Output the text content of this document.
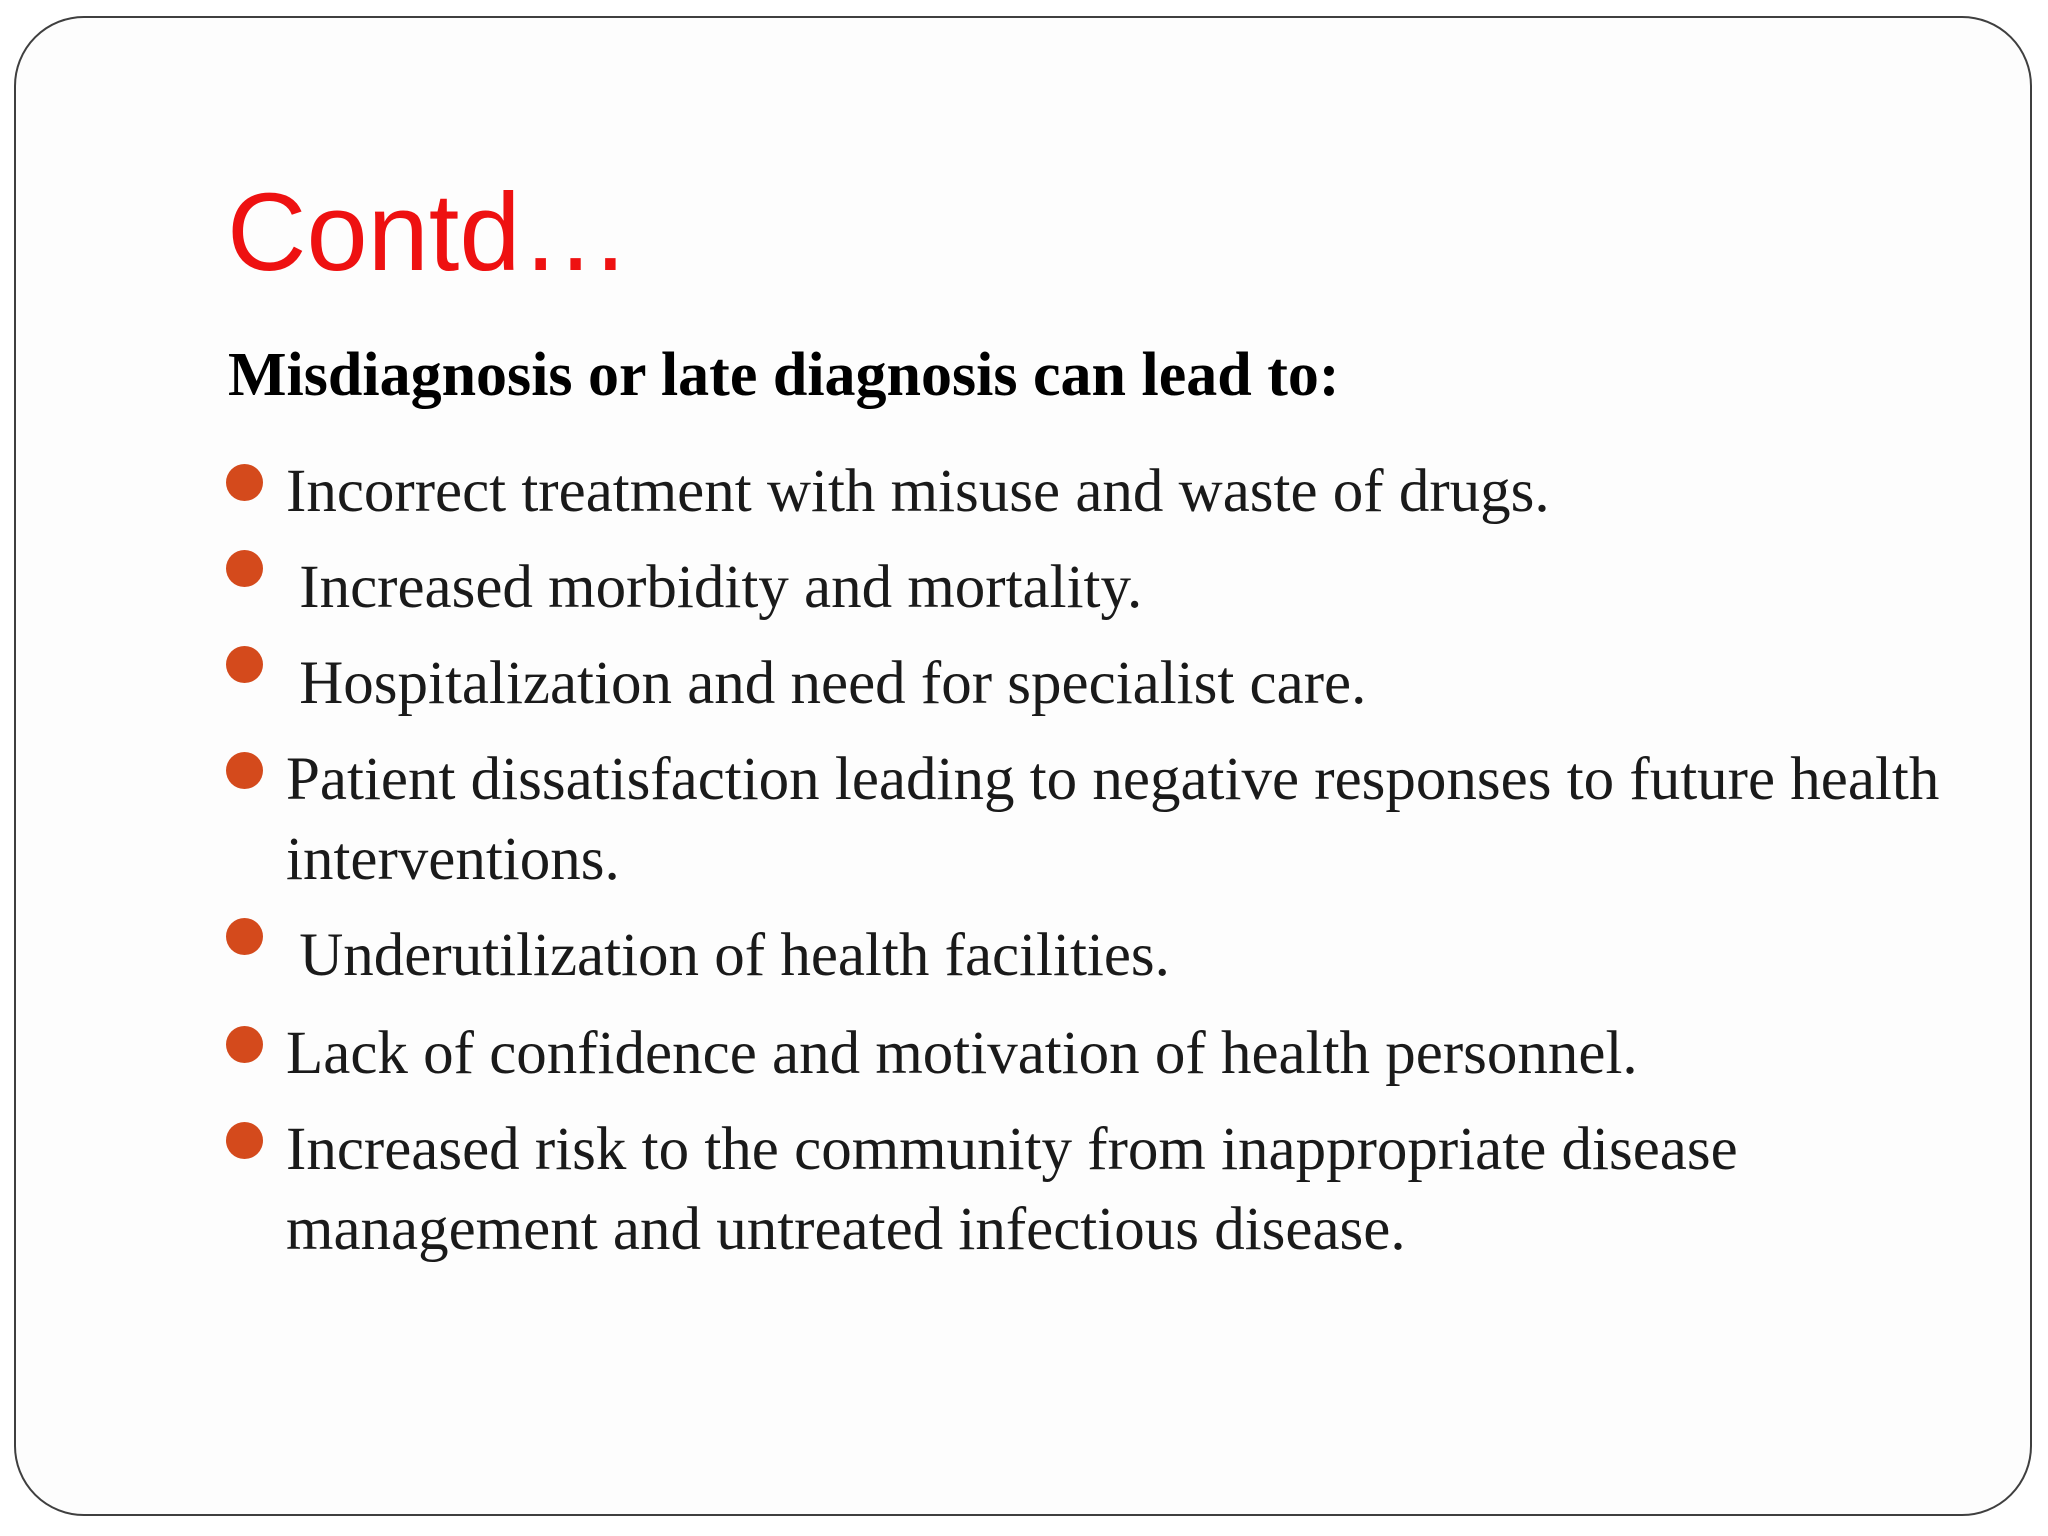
Contd…

Misdiagnosis or late diagnosis can lead to:

Incorrect treatment with misuse and waste of drugs.
Increased morbidity and mortality.
Hospitalization and need for specialist care.
Patient dissatisfaction leading to negative responses to future health interventions.
Underutilization of health facilities.
Lack of confidence and motivation of health personnel.
Increased risk to the community from inappropriate disease management and untreated infectious disease.
